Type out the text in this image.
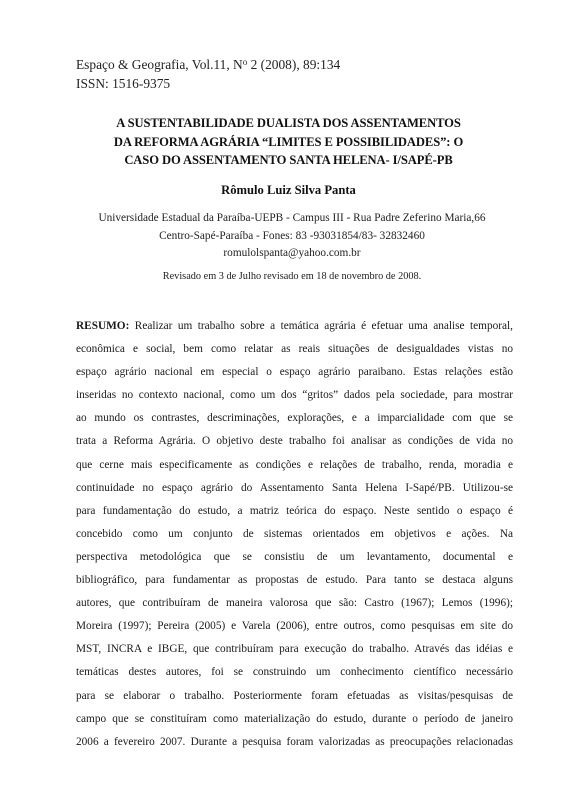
Espaço & Geografia, Vol.11, $N^o$ 2 (2008), 89:134
ISSN: 1516-9375
A SUSTENTABILIDADE DUALISTA DOS ASSENTAMENTOS
DA REFORMA AGRÁRIA “LIMITES E POSSIBILIDADES”: O
CASO DO ASSENTAMENTO SANTA HELENA- I/SAPÉ-PB
Rômulo Luiz Silva Panta
Universidade Estadual da Paraíba-UEPB - Campus III - Rua Padre Zeferino Maria,66
Centro-Sapé-Paraíba - Fones: 83 -93031854/83- 32832460
romulolspanta@yahoo.com.br
Revisado em 3 de Julho revisado em 18 de novembro de 2008.
RESUMO: Realizar um trabalho sobre a temática agrária é efetuar uma analise temporal,
econômica e social, bem como relatar as reais situações de desigualdades vistas no
espaço agrário nacional em especial o espaço agrário paraibano. Estas relações estão
inseridas no contexto nacional, como um dos “gritos” dados pela sociedade, para mostrar
ao mundo os contrastes, descriminações, explorações, e a imparcialidade com que se
trata a Reforma Agrária. O objetivo deste trabalho foi analisar as condições de vida no
que cerne mais especificamente as condições e relações de trabalho, renda, moradia e
continuidade no espaço agrário do Assentamento Santa Helena I-Sapé/PB. Utilizou-se
para fundamentação do estudo, a matriz teórica do espaço. Neste sentido o espaço é
concebido como um conjunto de sistemas orientados em objetivos e ações. Na
perspectiva metodológica que se consistiu de um levantamento, documental e
bibliográfico, para fundamentar as propostas de estudo. Para tanto se destaca alguns
autores, que contribuíram de maneira valorosa que são: Castro (1967); Lemos (1996);
Moreira (1997); Pereira (2005) e Varela (2006), entre outros, como pesquisas em site do
MST, INCRA e IBGE, que contribuíram para execução do trabalho. Através das idéias e
temáticas destes autores, foi se construindo um conhecimento científico necessário
para se elaborar o trabalho. Posteriormente foram efetuadas as visitas/pesquisas de
campo que se constituíram como materialização do estudo, durante o período de janeiro
2006 a fevereiro 2007. Durante a pesquisa foram valorizadas as preocupações relacionadas
